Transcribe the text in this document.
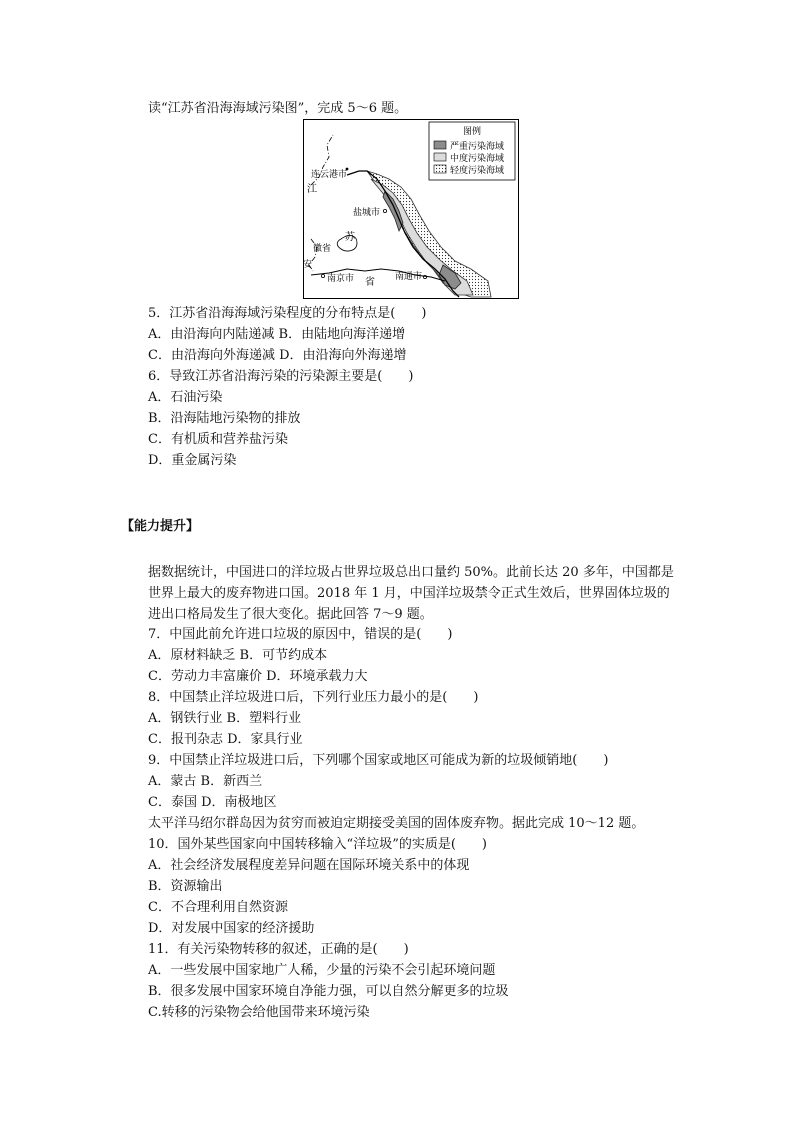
读“江苏省沿海海域污染图”，完成 5～6 题。
图例
严重污染海域
中度污染海域
轻度污染海域
连云港市
江
盐城市
苏
徽省
安
南京市 省 南通市
5．江苏省沿海海域污染程度的分布特点是(　　)
A．由沿海向内陆递减 B．由陆地向海洋递增
C．由沿海向外海递减 D．由沿海向外海递增
6．导致江苏省沿海污染的污染源主要是(　　)
A．石油污染
B．沿海陆地污染物的排放
C．有机质和营养盐污染
D．重金属污染
【能力提升】
据数据统计，中国进口的洋垃圾占世界垃圾总出口量约 50%。此前长达 20 多年，中国都是世界上最大的废弃物进口国。2018 年 1 月，中国洋垃圾禁令正式生效后，世界固体垃圾的进出口格局发生了很大变化。据此回答 7～9 题。
7．中国此前允许进口垃圾的原因中，错误的是(　　)
A．原材料缺乏 B．可节约成本
C．劳动力丰富廉价 D．环境承载力大
8．中国禁止洋垃圾进口后，下列行业压力最小的是(　　)
A．钢铁行业 B．塑料行业
C．报刊杂志 D．家具行业
9．中国禁止洋垃圾进口后，下列哪个国家或地区可能成为新的垃圾倾销地(　　)
A．蒙古 B．新西兰
C．泰国 D．南极地区
太平洋马绍尔群岛因为贫穷而被迫定期接受美国的固体废弃物。据此完成 10～12 题。
10．国外某些国家向中国转移输入“洋垃圾”的实质是(　　)
A．社会经济发展程度差异问题在国际环境关系中的体现
B．资源输出
C．不合理利用自然资源
D．对发展中国家的经济援助
11．有关污染物转移的叙述，正确的是(　　)
A．一些发展中国家地广人稀，少量的污染不会引起环境问题
B．很多发展中国家环境自净能力强，可以自然分解更多的垃圾
C.转移的污染物会给他国带来环境污染
